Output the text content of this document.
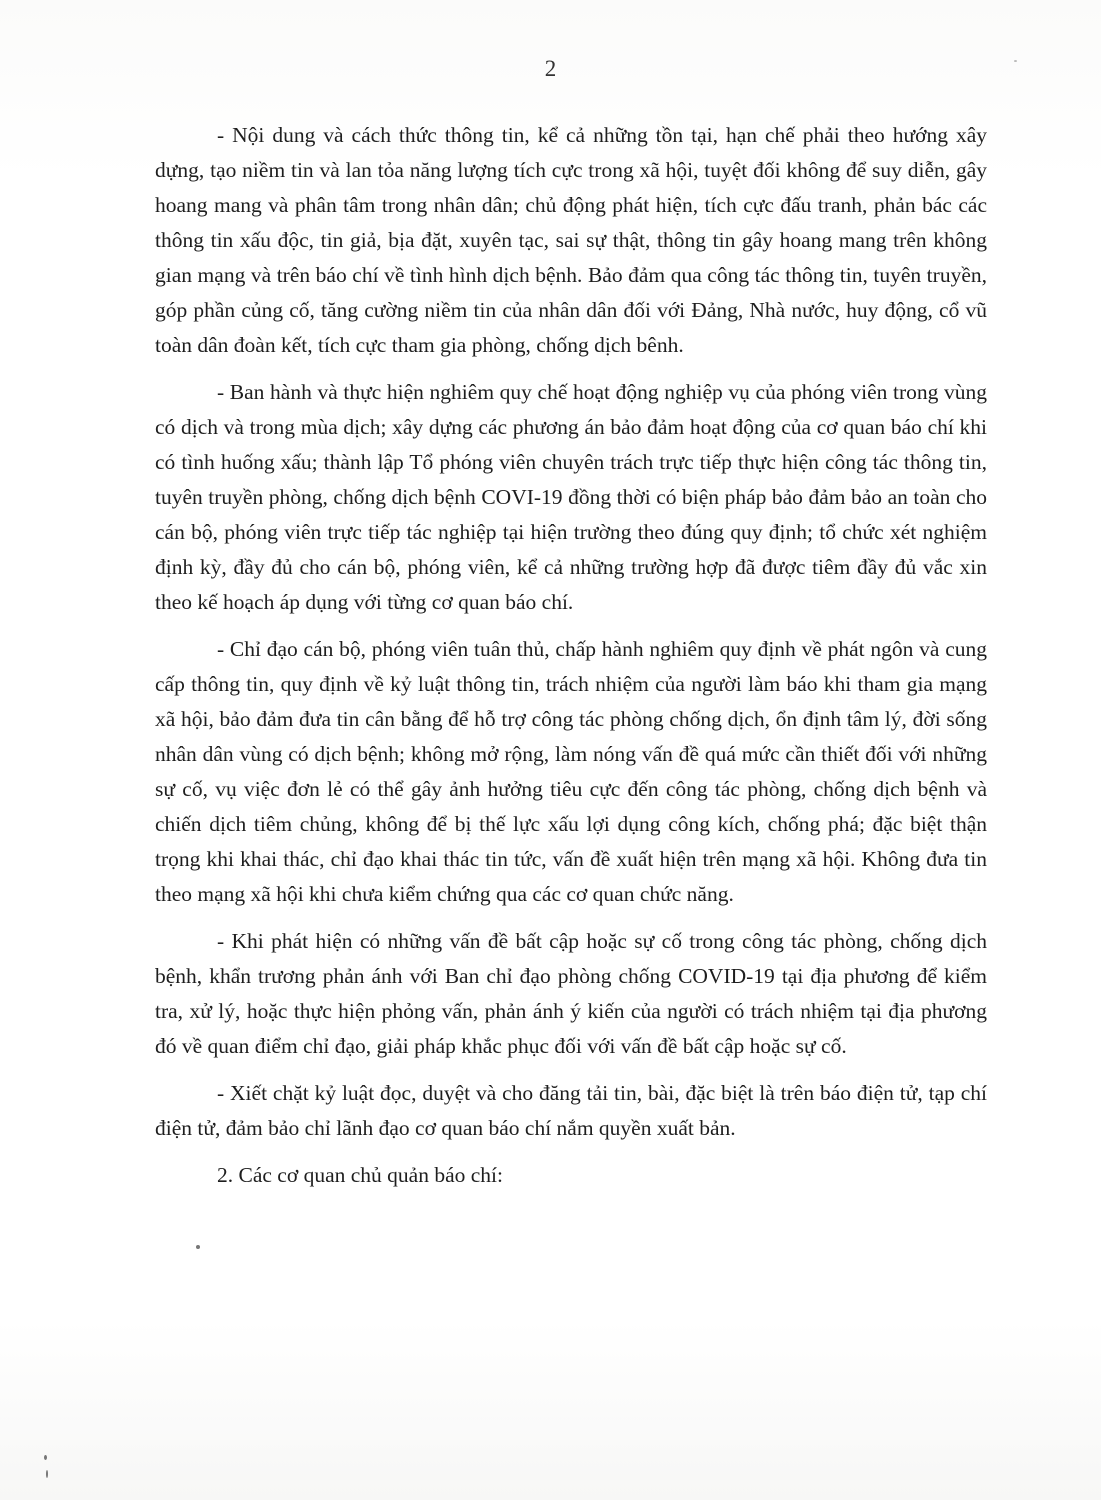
2

- Nội dung và cách thức thông tin, kể cả những tồn tại, hạn chế phải theo hướng xây dựng, tạo niềm tin và lan tỏa năng lượng tích cực trong xã hội, tuyệt đối không để suy diễn, gây hoang mang và phân tâm trong nhân dân; chủ động phát hiện, tích cực đấu tranh, phản bác các thông tin xấu độc, tin giả, bịa đặt, xuyên tạc, sai sự thật, thông tin gây hoang mang trên không gian mạng và trên báo chí về tình hình dịch bệnh. Bảo đảm qua công tác thông tin, tuyên truyền, góp phần củng cố, tăng cường niềm tin của nhân dân đối với Đảng, Nhà nước, huy động, cổ vũ toàn dân đoàn kết, tích cực tham gia phòng, chống dịch bênh.

- Ban hành và thực hiện nghiêm quy chế hoạt động nghiệp vụ của phóng viên trong vùng có dịch và trong mùa dịch; xây dựng các phương án bảo đảm hoạt động của cơ quan báo chí khi có tình huống xấu; thành lập Tổ phóng viên chuyên trách trực tiếp thực hiện công tác thông tin, tuyên truyền phòng, chống dịch bệnh COVI-19 đồng thời có biện pháp bảo đảm bảo an toàn cho cán bộ, phóng viên trực tiếp tác nghiệp tại hiện trường theo đúng quy định; tổ chức xét nghiệm định kỳ, đầy đủ cho cán bộ, phóng viên, kể cả những trường hợp đã được tiêm đầy đủ vắc xin theo kế hoạch áp dụng với từng cơ quan báo chí.

- Chỉ đạo cán bộ, phóng viên tuân thủ, chấp hành nghiêm quy định về phát ngôn và cung cấp thông tin, quy định về kỷ luật thông tin, trách nhiệm của người làm báo khi tham gia mạng xã hội, bảo đảm đưa tin cân bằng để hỗ trợ công tác phòng chống dịch, ổn định tâm lý, đời sống nhân dân vùng có dịch bệnh; không mở rộng, làm nóng vấn đề quá mức cần thiết đối với những sự cố, vụ việc đơn lẻ có thể gây ảnh hưởng tiêu cực đến công tác phòng, chống dịch bệnh và chiến dịch tiêm chủng, không để bị thế lực xấu lợi dụng công kích, chống phá; đặc biệt thận trọng khi khai thác, chỉ đạo khai thác tin tức, vấn đề xuất hiện trên mạng xã hội. Không đưa tin theo mạng xã hội khi chưa kiểm chứng qua các cơ quan chức năng.

- Khi phát hiện có những vấn đề bất cập hoặc sự cố trong công tác phòng, chống dịch bệnh, khẩn trương phản ánh với Ban chỉ đạo phòng chống COVID-19 tại địa phương để kiểm tra, xử lý, hoặc thực hiện phỏng vấn, phản ánh ý kiến của người có trách nhiệm tại địa phương đó về quan điểm chỉ đạo, giải pháp khắc phục đối với vấn đề bất cập hoặc sự cố.

- Xiết chặt kỷ luật đọc, duyệt và cho đăng tải tin, bài, đặc biệt là trên báo điện tử, tạp chí điện tử, đảm bảo chỉ lãnh đạo cơ quan báo chí nắm quyền xuất bản.

2. Các cơ quan chủ quản báo chí:
